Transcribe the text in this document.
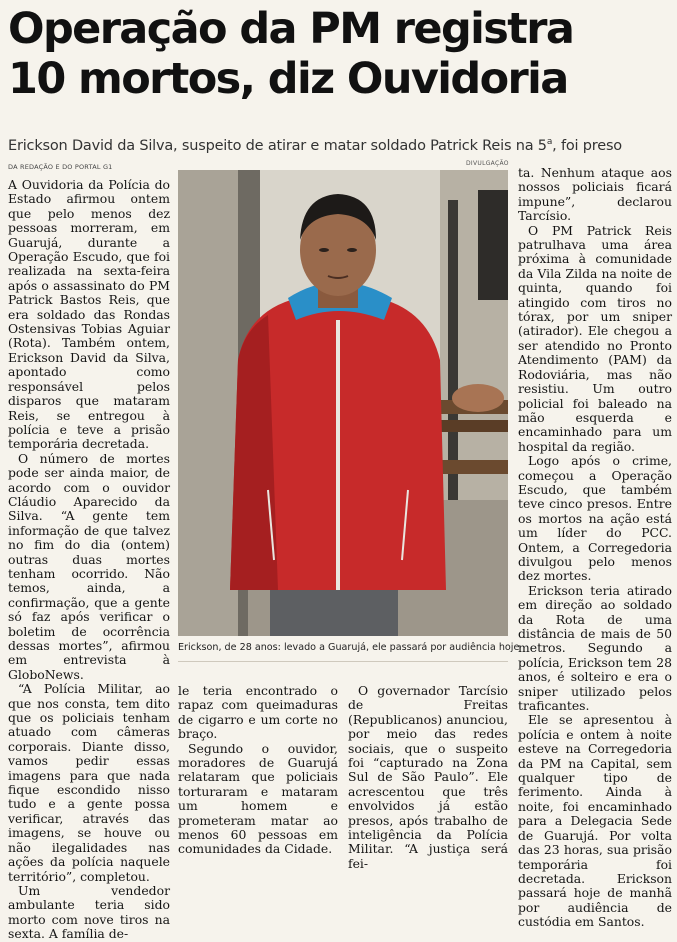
Operação da PM registra
10 mortos, diz Ouvidoria
Erickson David da Silva, suspeito de atirar e matar soldado Patrick Reis na 5$^a$, foi preso
DA REDAÇÃO E DO PORTAL G1	DIVULGAÇÃO

A Ouvidoria da Polícia do Estado afirmou ontem que pelo menos dez pessoas morreram, em Guarujá, durante a Operação Escudo, que foi realizada na sexta-feira após o assassinato do PM Patrick Bastos Reis, que era soldado das Rondas Ostensivas Tobias Aguiar (Rota). Também ontem, Erickson David da Silva, apontado como responsável pelos disparos que mataram Reis, se entregou à polícia e teve a prisão temporária decretada.

O número de mortes pode ser ainda maior, de acordo com o ouvidor Cláudio Aparecido da Silva. “A gente tem informação de que talvez no fim do dia (ontem) outras duas mortes tenham ocorrido. Não temos, ainda, a confirmação, que a gente só faz após verificar o boletim de ocorrência dessas mortes”, afirmou em entrevista à GloboNews.

“A Polícia Militar, ao que nos consta, tem dito que os policiais tenham atuado com câmeras corporais. Diante disso, vamos pedir essas imagens para que nada fique escondido nisso tudo e a gente possa verificar, através das imagens, se houve ou não ilegalidades nas ações da polícia naquele território”, completou.

Um vendedor ambulante teria sido morto com nove tiros na sexta. A família de-

Erickson, de 28 anos: levado a Guarujá, ele passará por audiência hoje

le teria encontrado o rapaz com queimaduras de cigarro e um corte no braço.

Segundo o ouvidor, moradores de Guarujá relataram que policiais torturaram e mataram um homem e prometeram matar ao menos 60 pessoas em comunidades da Cidade.

O governador Tarcísio de Freitas (Republicanos) anunciou, por meio das redes sociais, que o suspeito foi “capturado na Zona Sul de São Paulo”. Ele acrescentou que três envolvidos já estão presos, após trabalho de inteligência da Polícia Militar. “A justiça será fei-

ta. Nenhum ataque aos nossos policiais ficará impune”, declarou Tarcísio.

O PM Patrick Reis patrulhava uma área próxima à comunidade da Vila Zilda na noite de quinta, quando foi atingido com tiros no tórax, por um sniper (atirador). Ele chegou a ser atendido no Pronto Atendimento (PAM) da Rodoviária, mas não resistiu. Um outro policial foi baleado na mão esquerda e encaminhado para um hospital da região.

Logo após o crime, começou a Operação Escudo, que também teve cinco presos. Entre os mortos na ação está um líder do PCC. Ontem, a Corregedoria divulgou pelo menos dez mortes.

Erickson teria atirado em direção ao soldado da Rota de uma distância de mais de 50 metros. Segundo a polícia, Erickson tem 28 anos, é solteiro e era o sniper utilizado pelos traficantes.

Ele se apresentou à polícia e ontem à noite esteve na Corregedoria da PM na Capital, sem qualquer tipo de ferimento. Ainda à noite, foi encaminhado para a Delegacia Sede de Guarujá. Por volta das 23 horas, sua prisão temporária foi decretada. Erickson passará hoje de manhã por audiência de custódia em Santos.
